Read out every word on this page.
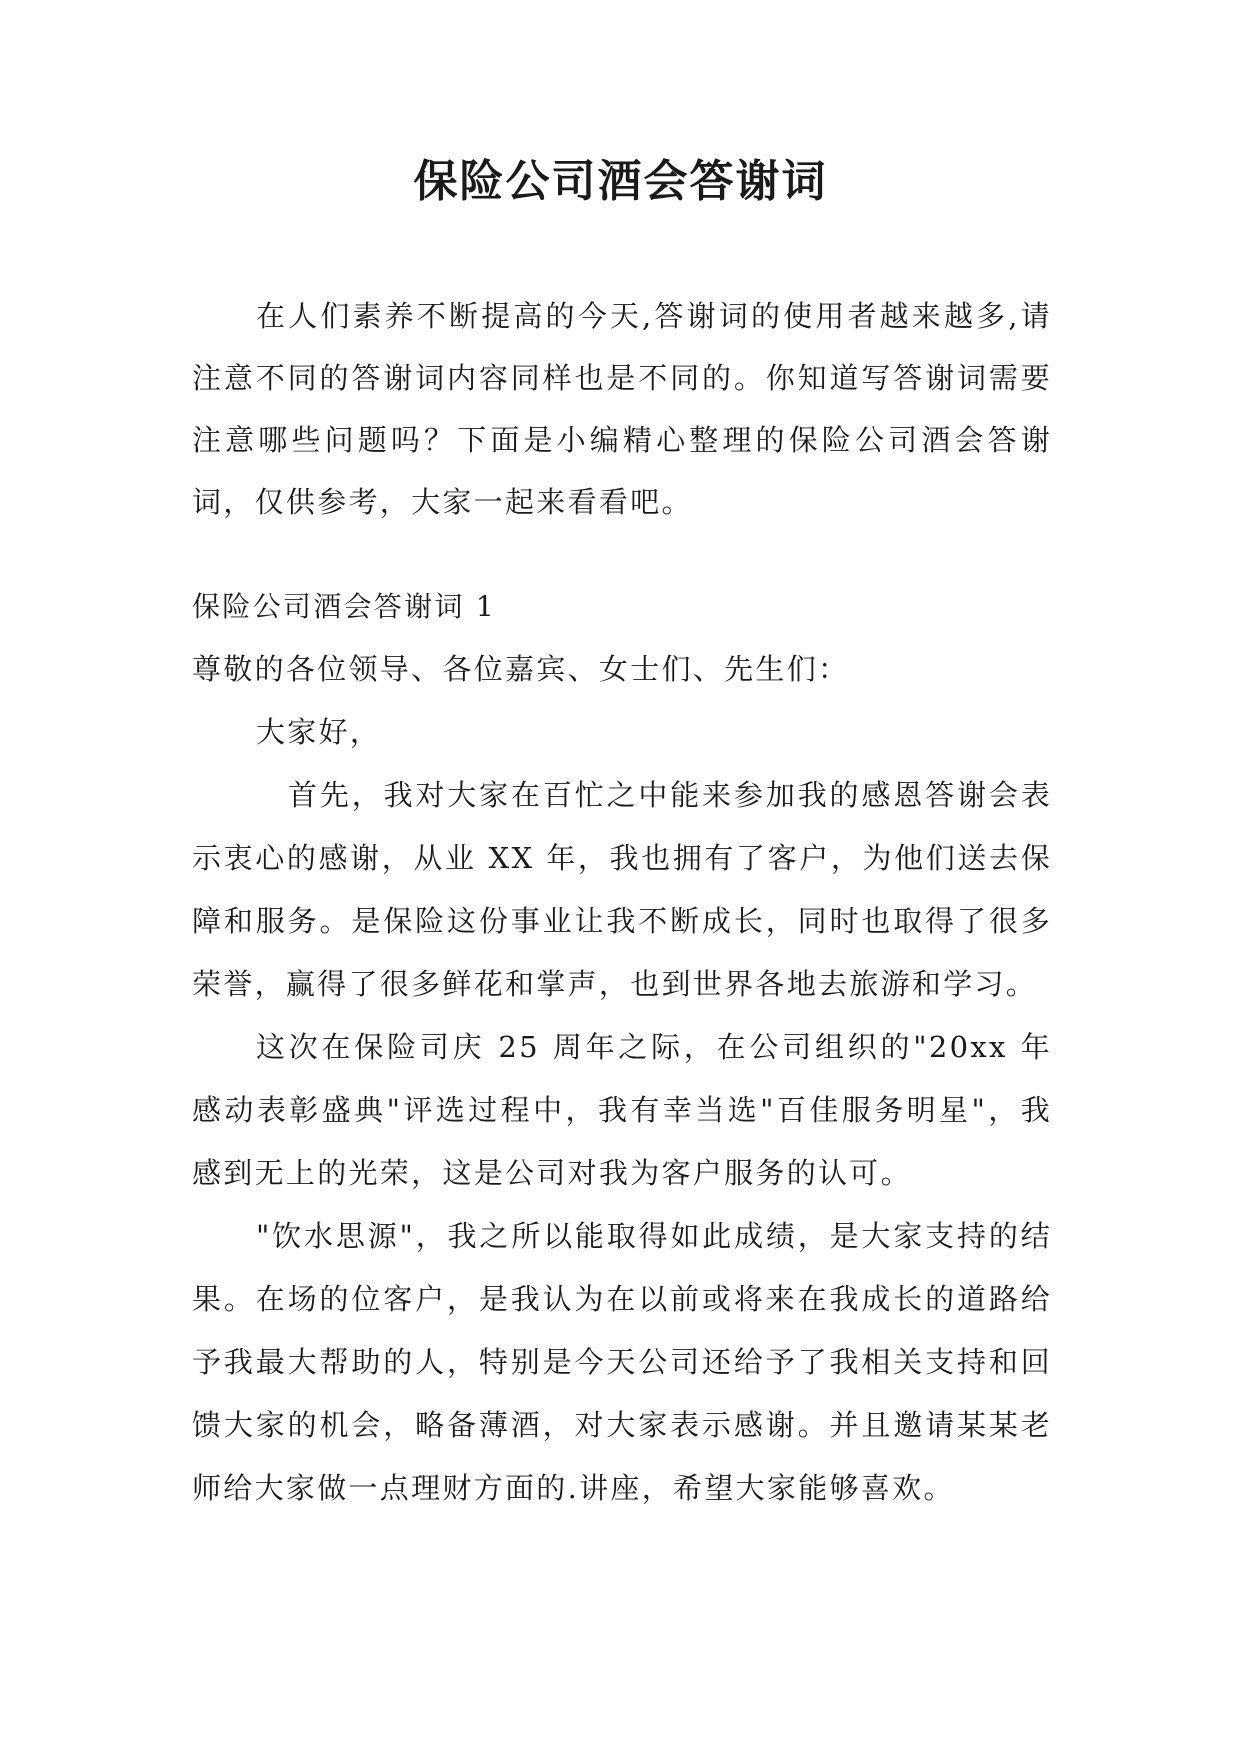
保险公司酒会答谢词

在人们素养不断提高的今天,答谢词的使用者越来越多,请注意不同的答谢词内容同样也是不同的。你知道写答谢词需要注意哪些问题吗？下面是小编精心整理的保险公司酒会答谢词，仅供参考，大家一起来看看吧。

保险公司酒会答谢词 1

尊敬的各位领导、各位嘉宾、女士们、先生们：

大家好，

首先，我对大家在百忙之中能来参加我的感恩答谢会表示衷心的感谢，从业 XX 年，我也拥有了客户，为他们送去保障和服务。是保险这份事业让我不断成长，同时也取得了很多荣誉，赢得了很多鲜花和掌声，也到世界各地去旅游和学习。

这次在保险司庆 25 周年之际，在公司组织的"20xx 年感动表彰盛典"评选过程中，我有幸当选"百佳服务明星"，我感到无上的光荣，这是公司对我为客户服务的认可。

"饮水思源"，我之所以能取得如此成绩，是大家支持的结果。在场的位客户，是我认为在以前或将来在我成长的道路给予我最大帮助的人，特别是今天公司还给予了我相关支持和回馈大家的机会，略备薄酒，对大家表示感谢。并且邀请某某老师给大家做一点理财方面的.讲座，希望大家能够喜欢。
